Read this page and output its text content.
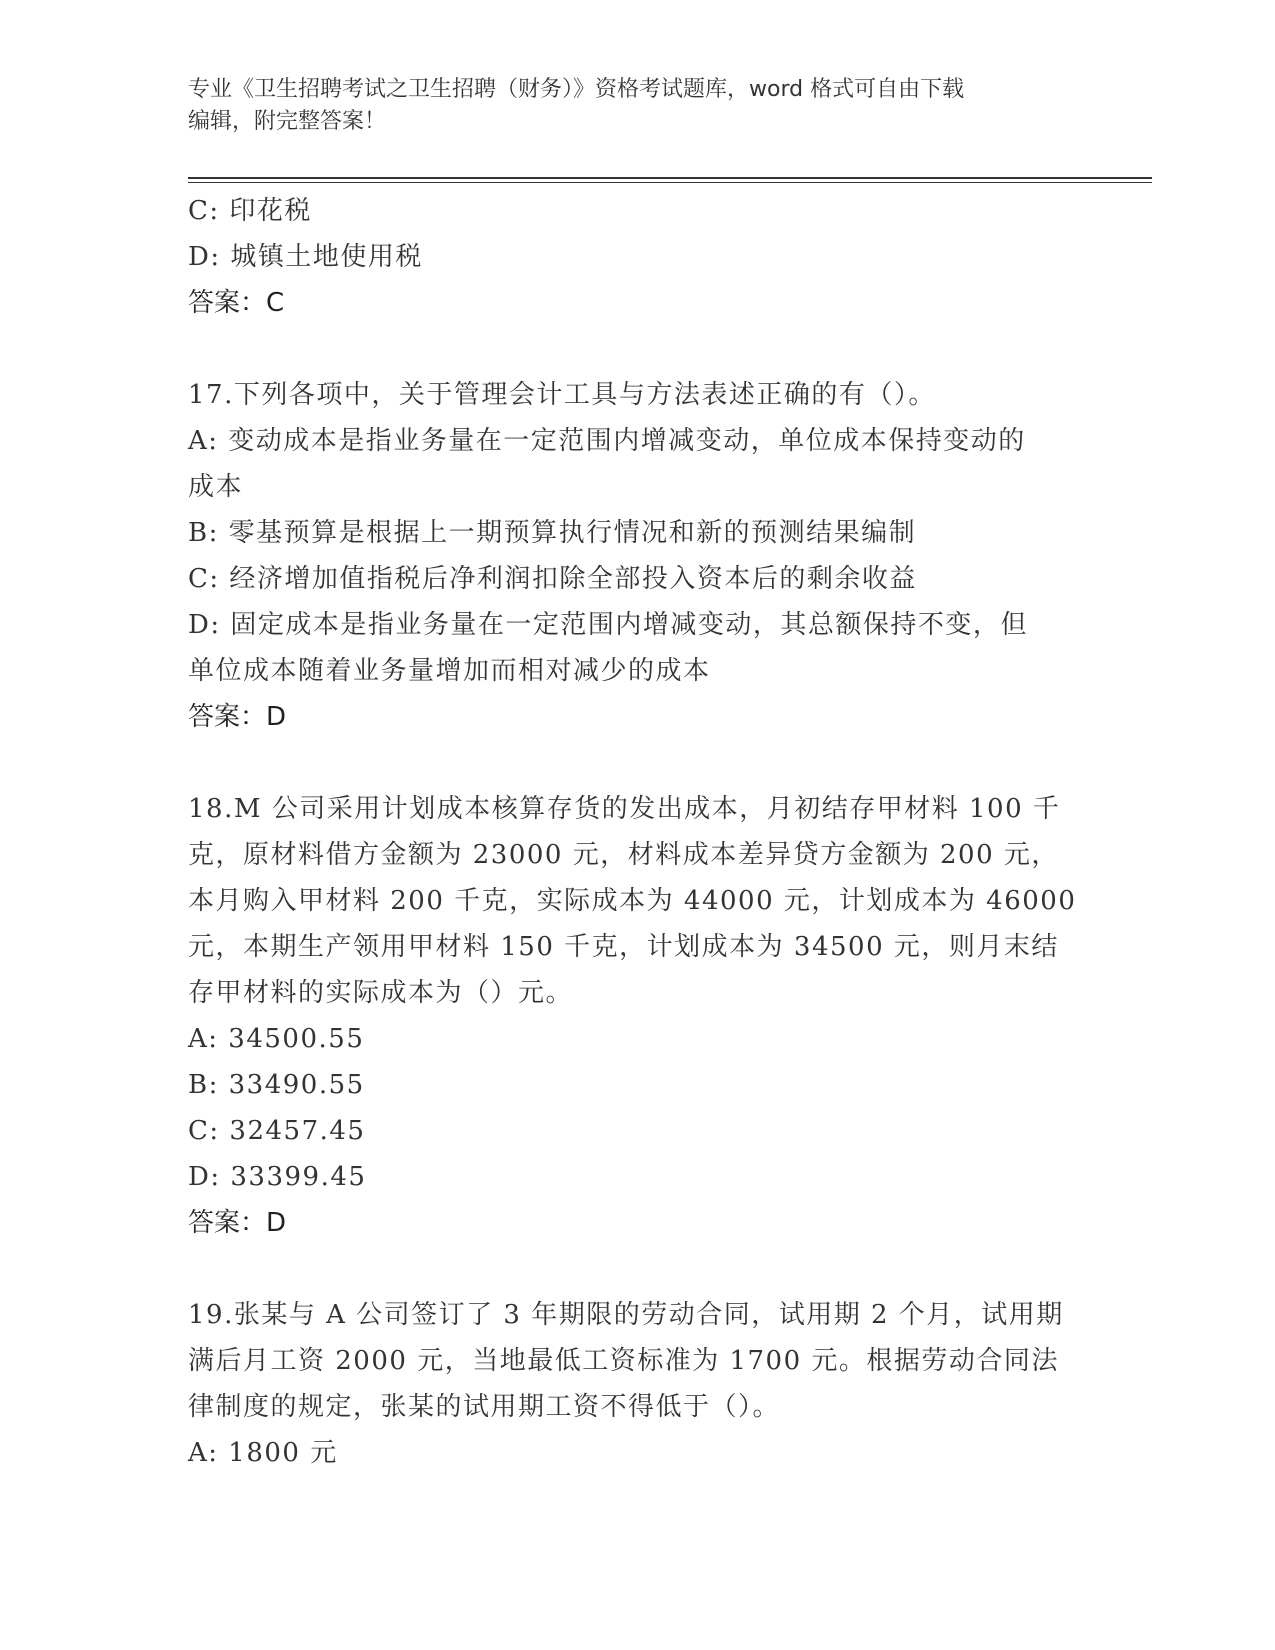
专业《卫生招聘考试之卫生招聘（财务）》资格考试题库，word 格式可自由下载
编辑，附完整答案！
C: 印花税
D: 城镇土地使用税
答案：C
17.下列各项中，关于管理会计工具与方法表述正确的有（）。
A: 变动成本是指业务量在一定范围内增减变动，单位成本保持变动的
成本
B: 零基预算是根据上一期预算执行情况和新的预测结果编制
C: 经济增加值指税后净利润扣除全部投入资本后的剩余收益
D: 固定成本是指业务量在一定范围内增减变动，其总额保持不变，但
单位成本随着业务量增加而相对减少的成本
答案：D
18.M 公司采用计划成本核算存货的发出成本，月初结存甲材料 100 千
克，原材料借方金额为 23000 元，材料成本差异贷方金额为 200 元，
本月购入甲材料 200 千克，实际成本为 44000 元，计划成本为 46000
元，本期生产领用甲材料 150 千克，计划成本为 34500 元，则月末结
存甲材料的实际成本为（）元。
A: 34500.55
B: 33490.55
C: 32457.45
D: 33399.45
答案：D
19.张某与 A 公司签订了 3 年期限的劳动合同，试用期 2 个月，试用期
满后月工资 2000 元，当地最低工资标准为 1700 元。根据劳动合同法
律制度的规定，张某的试用期工资不得低于（）。
A: 1800 元
